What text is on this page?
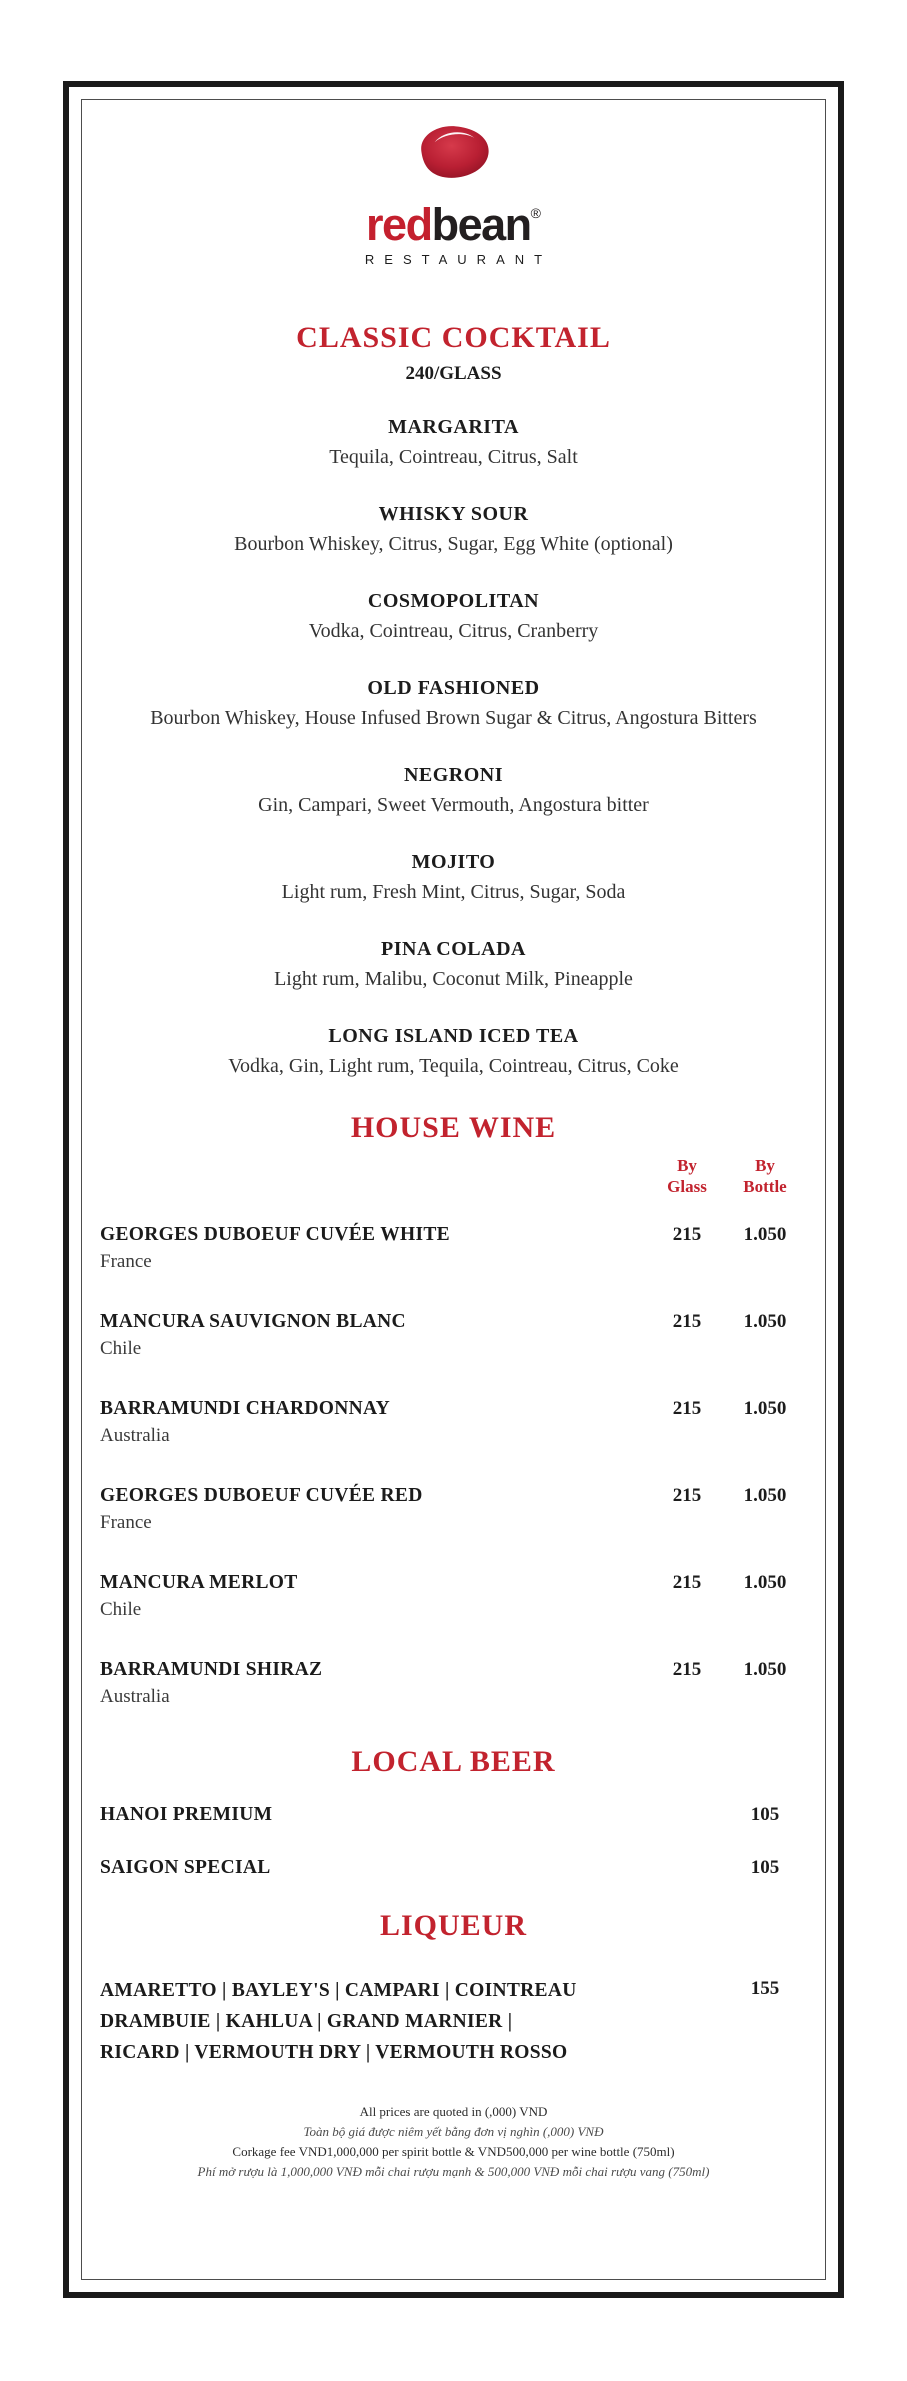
redbean®
RESTAURANT
CLASSIC COCKTAIL
240/GLASS
MARGARITA
Tequila, Cointreau, Citrus, Salt
WHISKY SOUR
Bourbon Whiskey, Citrus, Sugar, Egg White (optional)
COSMOPOLITAN
Vodka, Cointreau, Citrus, Cranberry
OLD FASHIONED
Bourbon Whiskey, House Infused Brown Sugar & Citrus, Angostura Bitters
NEGRONI
Gin, Campari, Sweet Vermouth, Angostura bitter
MOJITO
Light rum, Fresh Mint, Citrus, Sugar, Soda
PINA COLADA
Light rum, Malibu, Coconut Milk, Pineapple
LONG ISLAND ICED TEA
Vodka, Gin, Light rum, Tequila, Cointreau, Citrus, Coke
HOUSE WINE
By
Glass
By
Bottle
GEORGES DUBOEUF CUVÉE WHITE
France
215	1.050
MANCURA SAUVIGNON BLANC
Chile
215	1.050
BARRAMUNDI CHARDONNAY
Australia
215	1.050
GEORGES DUBOEUF CUVÉE RED
France
215	1.050
MANCURA MERLOT
Chile
215	1.050
BARRAMUNDI SHIRAZ
Australia
215	1.050
LOCAL BEER
HANOI PREMIUM	105
SAIGON SPECIAL	105
LIQUEUR
AMARETTO | BAYLEY'S | CAMPARI | COINTREAU
DRAMBUIE | KAHLUA | GRAND MARNIER |
RICARD | VERMOUTH DRY | VERMOUTH ROSSO
155
All prices are quoted in (,000) VND
Toàn bộ giá được niêm yết bằng đơn vị nghìn (,000) VNĐ
Corkage fee VND1,000,000 per spirit bottle & VND500,000 per wine bottle (750ml)
Phí mở rượu là 1,000,000 VNĐ mỗi chai rượu mạnh & 500,000 VNĐ mỗi chai rượu vang (750ml)
